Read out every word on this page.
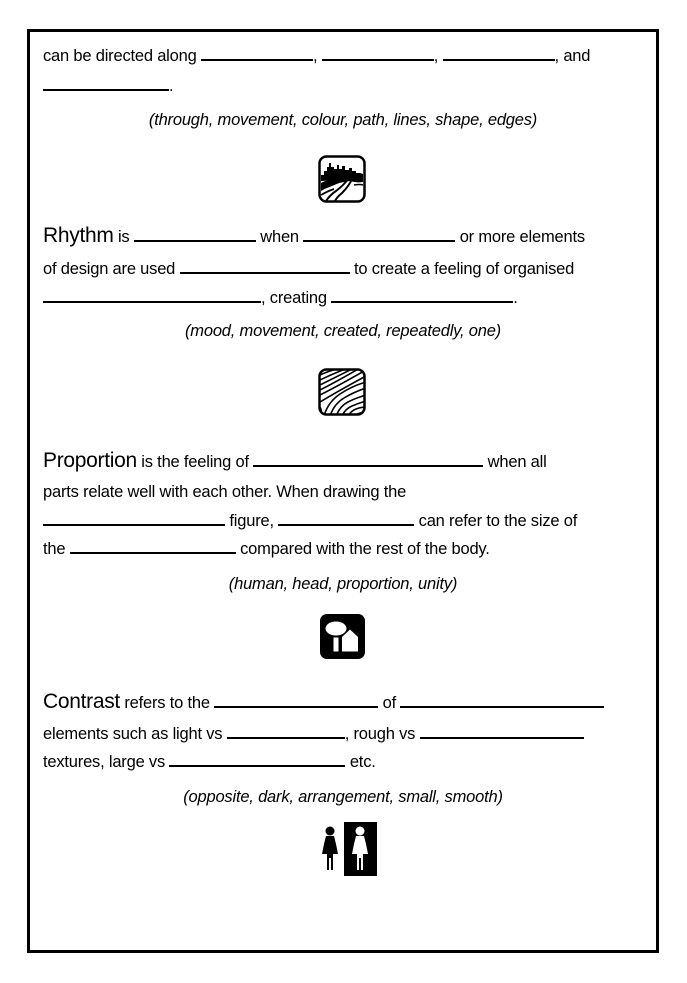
can be directed along	,	,	, and
.
(through, movement, colour, path, lines, shape, edges)
Rhythm is	when	or more elements
of design are used	to create a feeling of organised
, creating	.
(mood, movement, created, repeatedly, one)
Proportion is the feeling of	when all
parts relate well with each other. When drawing the
figure,	can refer to the size of
the	compared with the rest of the body.
(human, head, proportion, unity)
Contrast refers to the	of
elements such as light vs	, rough vs
textures, large vs	etc.
(opposite, dark, arrangement, small, smooth)
